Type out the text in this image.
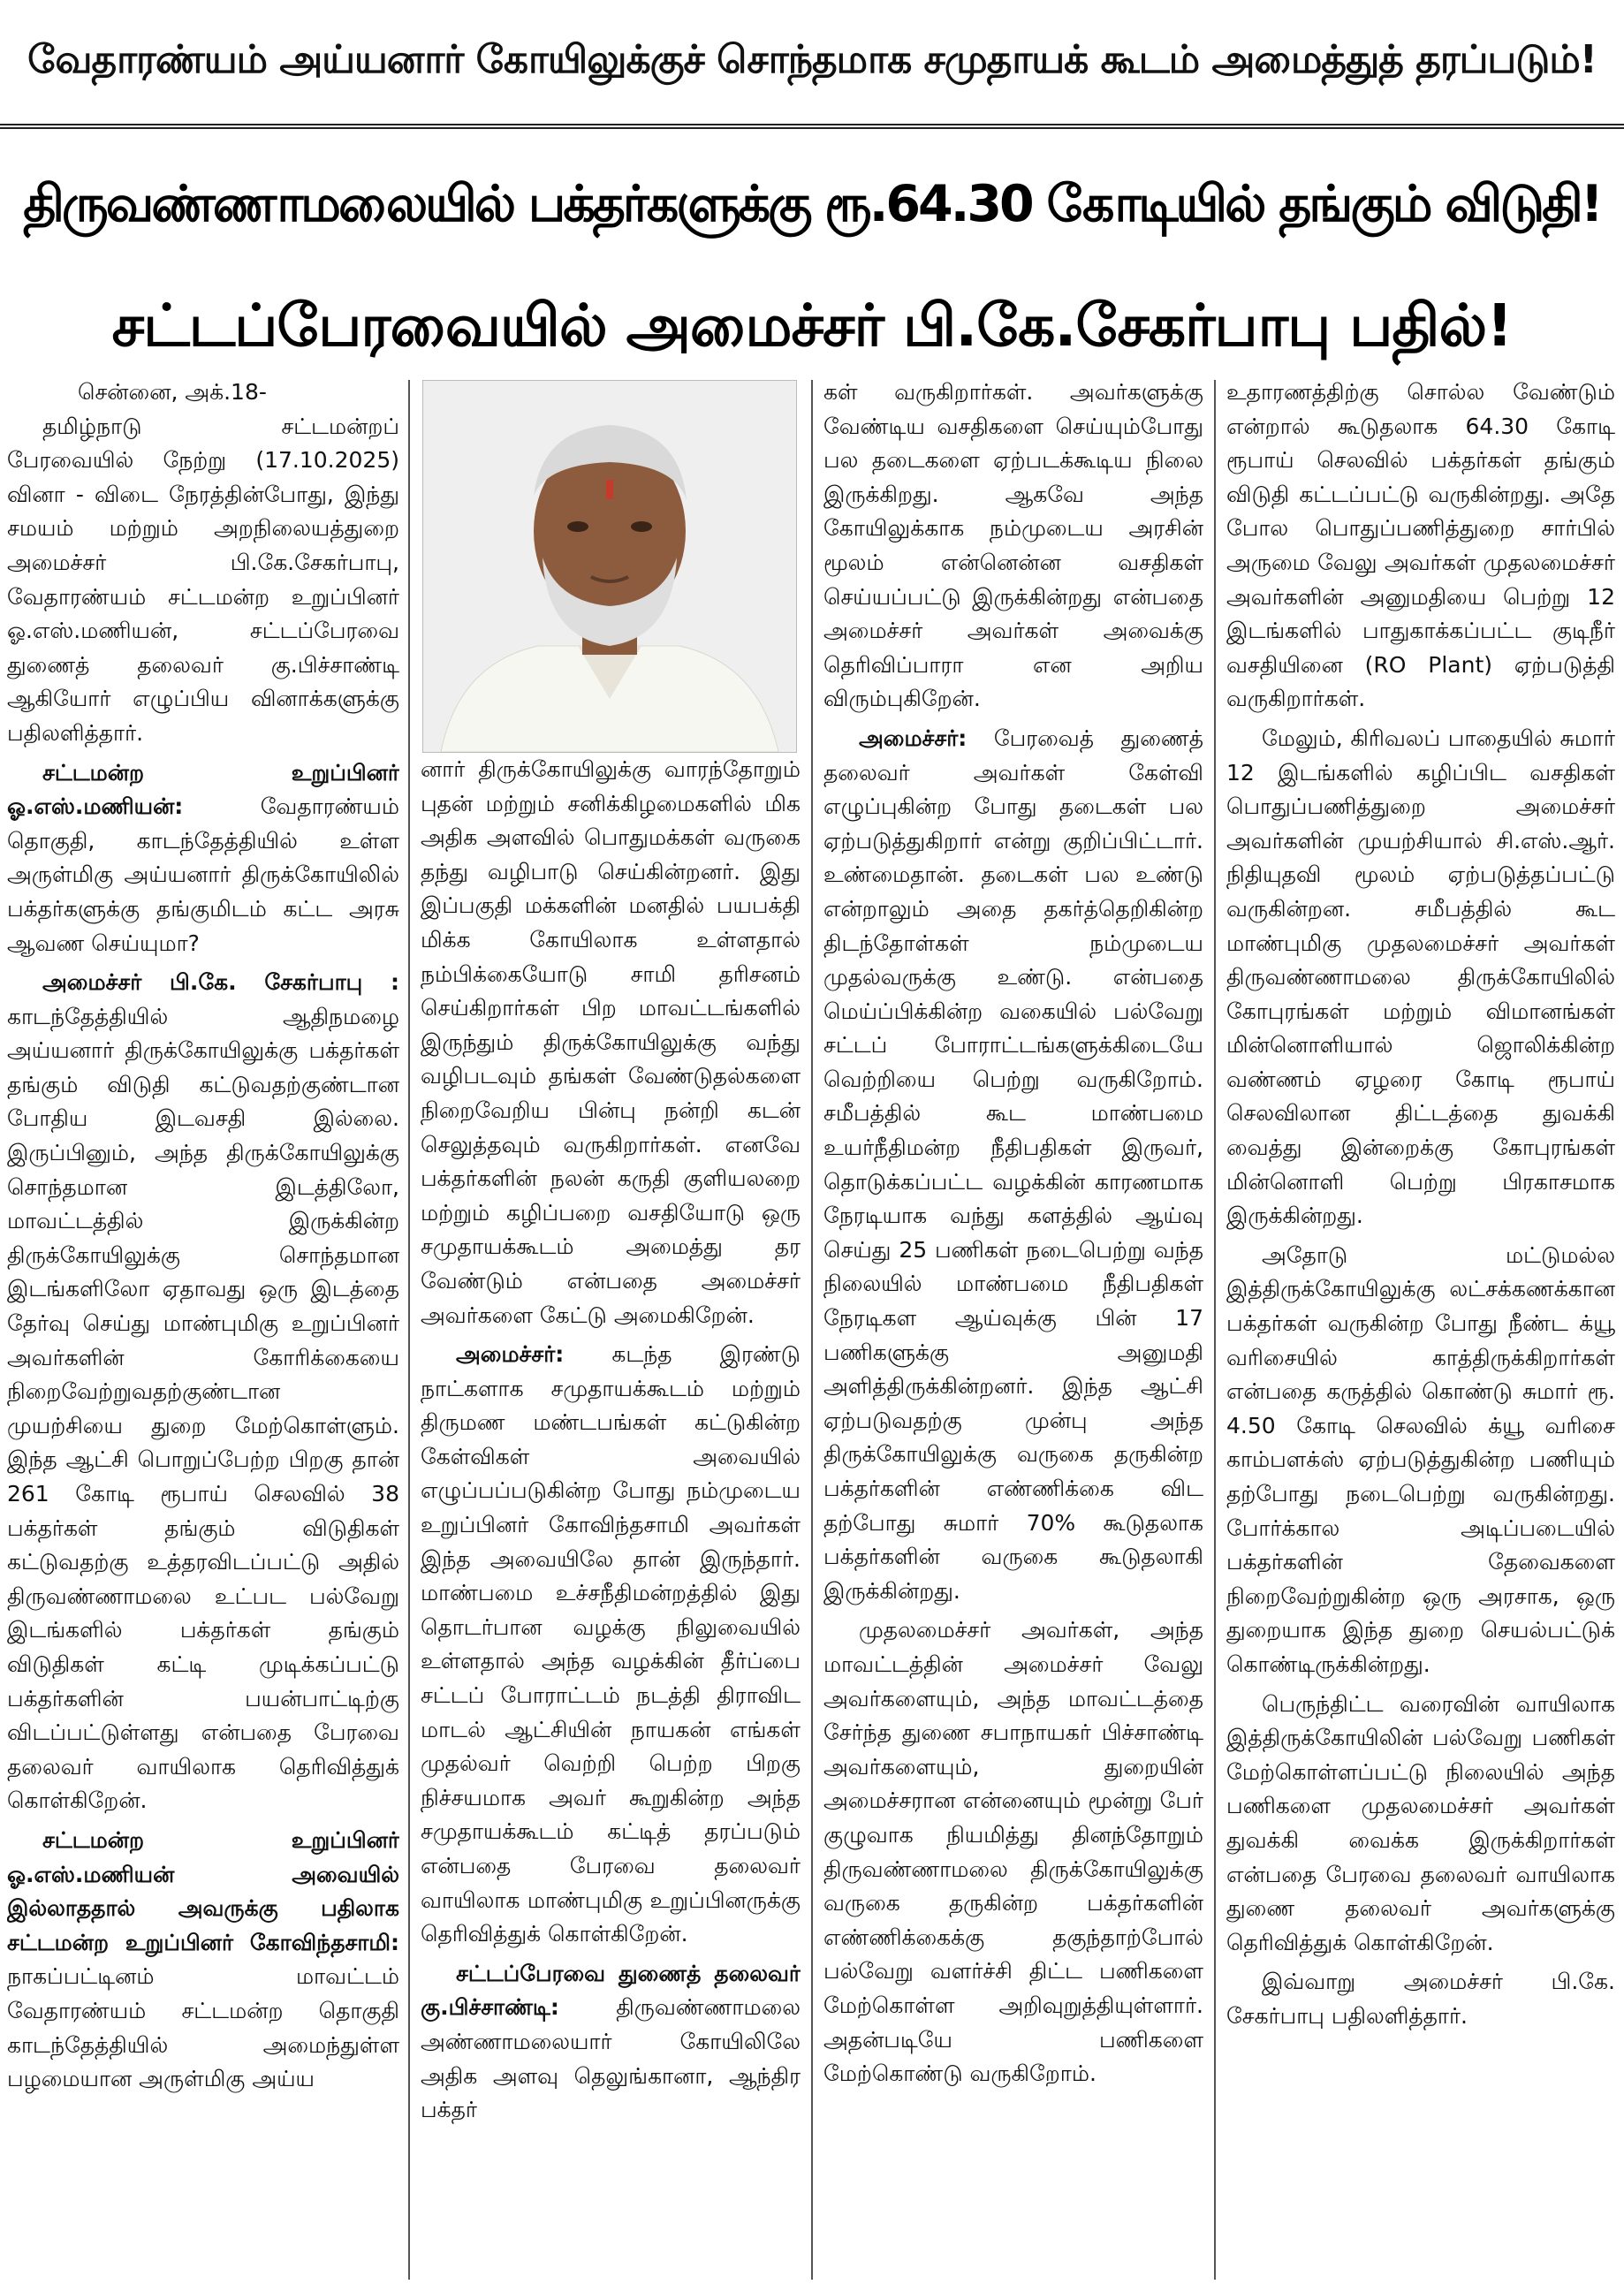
வேதாரண்யம் அய்யனார் கோயிலுக்குச் சொந்தமாக சமுதாயக் கூடம் அமைத்துத் தரப்படும்!
திருவண்ணாமலையில் பக்தர்களுக்கு ரூ.64.30 கோடியில் தங்கும் விடுதி!
சட்டப்பேரவையில் அமைச்சர் பி.கே.சேகர்பாபு பதில்!

சென்னை, அக்.18-
தமிழ்நாடு சட்டமன்றப் பேரவையில் நேற்று (17.10.2025) வினா - விடை நேரத்தின்போது, இந்து சமயம் மற்றும் அறநிலையத்துறை அமைச்சர் பி.கே.சேகர்பாபு, வேதாரண்யம் சட்டமன்ற உறுப்பினர் ஓ.எஸ்.மணியன், சட்டப்பேரவை துணைத் தலைவர் கு.பிச்சாண்டி ஆகியோர் எழுப்பிய வினாக்களுக்கு பதிலளித்தார்.

சட்டமன்ற உறுப்பினர் ஓ.எஸ்.மணியன்:	வேதாரண்யம் தொகுதி, காடந்தேத்தியில் உள்ள அருள்மிகு அய்யனார் திருக்கோயிலில் பக்தர்களுக்கு தங்குமிடம் கட்ட அரசு ஆவண செய்யுமா?

அமைச்சர் பி.கே. சேகர்பாபு : காடந்தேத்தியில் ஆதிநமழை அய்யனார் திருக்கோயிலுக்கு பக்தர்கள் தங்கும் விடுதி கட்டுவதற்குண்டான போதிய இடவசதி இல்லை. இருப்பினும், அந்த திருக்கோயிலுக்கு சொந்தமான இடத்திலோ, மாவட்டத்தில் இருக்கின்ற திருக்கோயிலுக்கு சொந்தமான இடங்களிலோ ஏதாவது ஒரு இடத்தை தேர்வு செய்து மாண்புமிகு உறுப்பினர் அவர்களின் கோரிக்கையை நிறைவேற்றுவதற்குண்டான முயற்சியை துறை மேற்கொள்ளும். இந்த ஆட்சி பொறுப்பேற்ற பிறகு தான் 261 கோடி ரூபாய் செலவில் 38 பக்தர்கள் தங்கும் விடுதிகள் கட்டுவதற்கு உத்தரவிடப்பட்டு அதில் திருவண்ணாமலை உட்பட பல்வேறு இடங்களில் பக்தர்கள் தங்கும் விடுதிகள் கட்டி முடிக்கப்பட்டு பக்தர்களின் பயன்பாட்டிற்கு விடப்பட்டுள்ளது என்பதை பேரவை தலைவர் வாயிலாக தெரிவித்துக் கொள்கிறேன்.

சட்டமன்ற உறுப்பினர் ஓ.எஸ்.மணியன் அவையில் இல்லாததால் அவருக்கு பதிலாக சட்டமன்ற உறுப்பினர் கோவிந்தசாமி: நாகப்பட்டினம் மாவட்டம் வேதாரண்யம் சட்டமன்ற தொகுதி காடந்தேத்தியில் அமைந்துள்ள பழமையான அருள்மிகு அய்ய

னார் திருக்கோயிலுக்கு வாரந்தோறும் புதன் மற்றும் சனிக்கிழமைகளில் மிக அதிக அளவில் பொதுமக்கள் வருகை தந்து வழிபாடு செய்கின்றனர். இது இப்பகுதி மக்களின் மனதில் பயபக்தி மிக்க கோயிலாக உள்ளதால் நம்பிக்கையோடு சாமி தரிசனம் செய்கிறார்கள் பிற மாவட்டங்களில் இருந்தும் திருக்கோயிலுக்கு வந்து வழிபடவும் தங்கள் வேண்டுதல்களை நிறைவேறிய பின்பு நன்றி கடன் செலுத்தவும் வருகிறார்கள். எனவே பக்தர்களின் நலன் கருதி குளியலறை மற்றும் கழிப்பறை வசதியோடு ஒரு சமுதாயக்கூடம் அமைத்து தர வேண்டும் என்பதை அமைச்சர் அவர்களை கேட்டு அமைகிறேன்.

அமைச்சர்: கடந்த இரண்டு நாட்களாக சமுதாயக்கூடம் மற்றும் திருமண மண்டபங்கள் கட்டுகின்ற கேள்விகள் அவையில் எழுப்பப்படுகின்ற போது நம்முடைய உறுப்பினர் கோவிந்தசாமி அவர்கள் இந்த அவையிலே தான் இருந்தார். மாண்பமை உச்சநீதிமன்றத்தில் இது தொடர்பான வழக்கு நிலுவையில் உள்ளதால் அந்த வழக்கின் தீர்ப்பை சட்டப் போராட்டம் நடத்தி திராவிட மாடல் ஆட்சியின் நாயகன் எங்கள் முதல்வர் வெற்றி பெற்ற பிறகு நிச்சயமாக அவர் கூறுகின்ற அந்த சமுதாயக்கூடம் கட்டித் தரப்படும் என்பதை பேரவை தலைவர் வாயிலாக மாண்புமிகு உறுப்பினருக்கு தெரிவித்துக் கொள்கிறேன்.

சட்டப்பேரவை துணைத் தலைவர் கு.பிச்சாண்டி:	திருவண்ணாமலை அண்ணாமலையார் கோயிலிலே அதிக அளவு தெலுங்கானா, ஆந்திர பக்தர்

கள் வருகிறார்கள். அவர்களுக்கு வேண்டிய வசதிகளை செய்யும்போது பல தடைகளை ஏற்படக்கூடிய நிலை இருக்கிறது. ஆகவே அந்த கோயிலுக்காக நம்முடைய அரசின் மூலம் என்னென்ன வசதிகள் செய்யப்பட்டு இருக்கின்றது என்பதை அமைச்சர் அவர்கள் அவைக்கு தெரிவிப்பாரா என அறிய விரும்புகிறேன்.

அமைச்சர்: பேரவைத் துணைத் தலைவர் அவர்கள் கேள்வி எழுப்புகின்ற போது தடைகள் பல ஏற்படுத்துகிறார் என்று குறிப்பிட்டார். உண்மைதான். தடைகள் பல உண்டு என்றாலும் அதை தகர்த்தெறிகின்ற திடந்தோள்கள் நம்முடைய முதல்வருக்கு உண்டு. என்பதை மெய்ப்பிக்கின்ற வகையில் பல்வேறு சட்டப் போராட்டங்களுக்கிடையே வெற்றியை பெற்று வருகிறோம். சமீபத்தில் கூட மாண்பமை உயர்நீதிமன்ற நீதிபதிகள் இருவர், தொடுக்கப்பட்ட வழக்கின் காரணமாக நேரடியாக வந்து களத்தில் ஆய்வு செய்து 25 பணிகள் நடைபெற்று வந்த நிலையில் மாண்பமை நீதிபதிகள் நேரடிகள ஆய்வுக்கு பின் 17 பணிகளுக்கு அனுமதி அளித்திருக்கின்றனர். இந்த ஆட்சி ஏற்படுவதற்கு முன்பு அந்த திருக்கோயிலுக்கு வருகை தருகின்ற பக்தர்களின் எண்ணிக்கை விட தற்போது சுமார் 70% கூடுதலாக பக்தர்களின் வருகை கூடுதலாகி இருக்கின்றது.

முதலமைச்சர் அவர்கள், அந்த மாவட்டத்தின் அமைச்சர் வேலு அவர்களையும், அந்த மாவட்டத்தை சேர்ந்த துணை சபாநாயகர் பிச்சாண்டி அவர்களையும், துறையின் அமைச்சரான என்னையும் மூன்று பேர் குழுவாக நியமித்து தினந்தோறும் திருவண்ணாமலை திருக்கோயிலுக்கு வருகை தருகின்ற பக்தர்களின் எண்ணிக்கைக்கு தகுந்தாற்போல் பல்வேறு வளர்ச்சி திட்ட பணிகளை மேற்கொள்ள அறிவுறுத்தியுள்ளார். அதன்படியே பணிகளை மேற்கொண்டு வருகிறோம்.

உதாரணத்திற்கு சொல்ல வேண்டும் என்றால் கூடுதலாக 64.30 கோடி ரூபாய் செலவில் பக்தர்கள் தங்கும் விடுதி கட்டப்பட்டு வருகின்றது. அதே போல பொதுப்பணித்துறை சார்பில் அருமை வேலு அவர்கள் முதலமைச்சர் அவர்களின் அனுமதியை பெற்று 12 இடங்களில் பாதுகாக்கப்பட்ட குடிநீர் வசதியினை (RO Plant) ஏற்படுத்தி வருகிறார்கள்.

மேலும், கிரிவலப் பாதையில் சுமார் 12 இடங்களில் கழிப்பிட வசதிகள் பொதுப்பணித்துறை அமைச்சர் அவர்களின் முயற்சியால் சி.எஸ்.ஆர். நிதியுதவி மூலம் ஏற்படுத்தப்பட்டு வருகின்றன. சமீபத்தில் கூட மாண்புமிகு முதலமைச்சர் அவர்கள் திருவண்ணாமலை திருக்கோயிலில் கோபுரங்கள் மற்றும் விமானங்கள் மின்னொளியால் ஜொலிக்கின்ற வண்ணம் ஏழரை கோடி ரூபாய் செலவிலான திட்டத்தை துவக்கி வைத்து இன்றைக்கு கோபுரங்கள் மின்னொளி பெற்று பிரகாசமாக இருக்கின்றது.

அதோடு மட்டுமல்ல இத்திருக்கோயிலுக்கு லட்சக்கணக்கான பக்தர்கள் வருகின்ற போது நீண்ட க்யூ வரிசையில் காத்திருக்கிறார்கள் என்பதை கருத்தில் கொண்டு சுமார் ரூ. 4.50 கோடி செலவில் க்யூ வரிசை காம்பளக்ஸ் ஏற்படுத்துகின்ற பணியும் தற்போது நடைபெற்று வருகின்றது. போர்க்கால அடிப்படையில் பக்தர்களின் தேவைகளை நிறைவேற்றுகின்ற ஒரு அரசாக, ஒரு துறையாக இந்த துறை செயல்பட்டுக் கொண்டிருக்கின்றது.

பெருந்திட்ட வரைவின் வாயிலாக இத்திருக்கோயிலின் பல்வேறு பணிகள் மேற்கொள்ளப்பட்டு நிலையில் அந்த பணிகளை முதலமைச்சர் அவர்கள் துவக்கி வைக்க இருக்கிறார்கள் என்பதை பேரவை தலைவர் வாயிலாக துணை தலைவர் அவர்களுக்கு தெரிவித்துக் கொள்கிறேன்.

இவ்வாறு அமைச்சர் பி.கே. சேகர்பாபு பதிலளித்தார்.
